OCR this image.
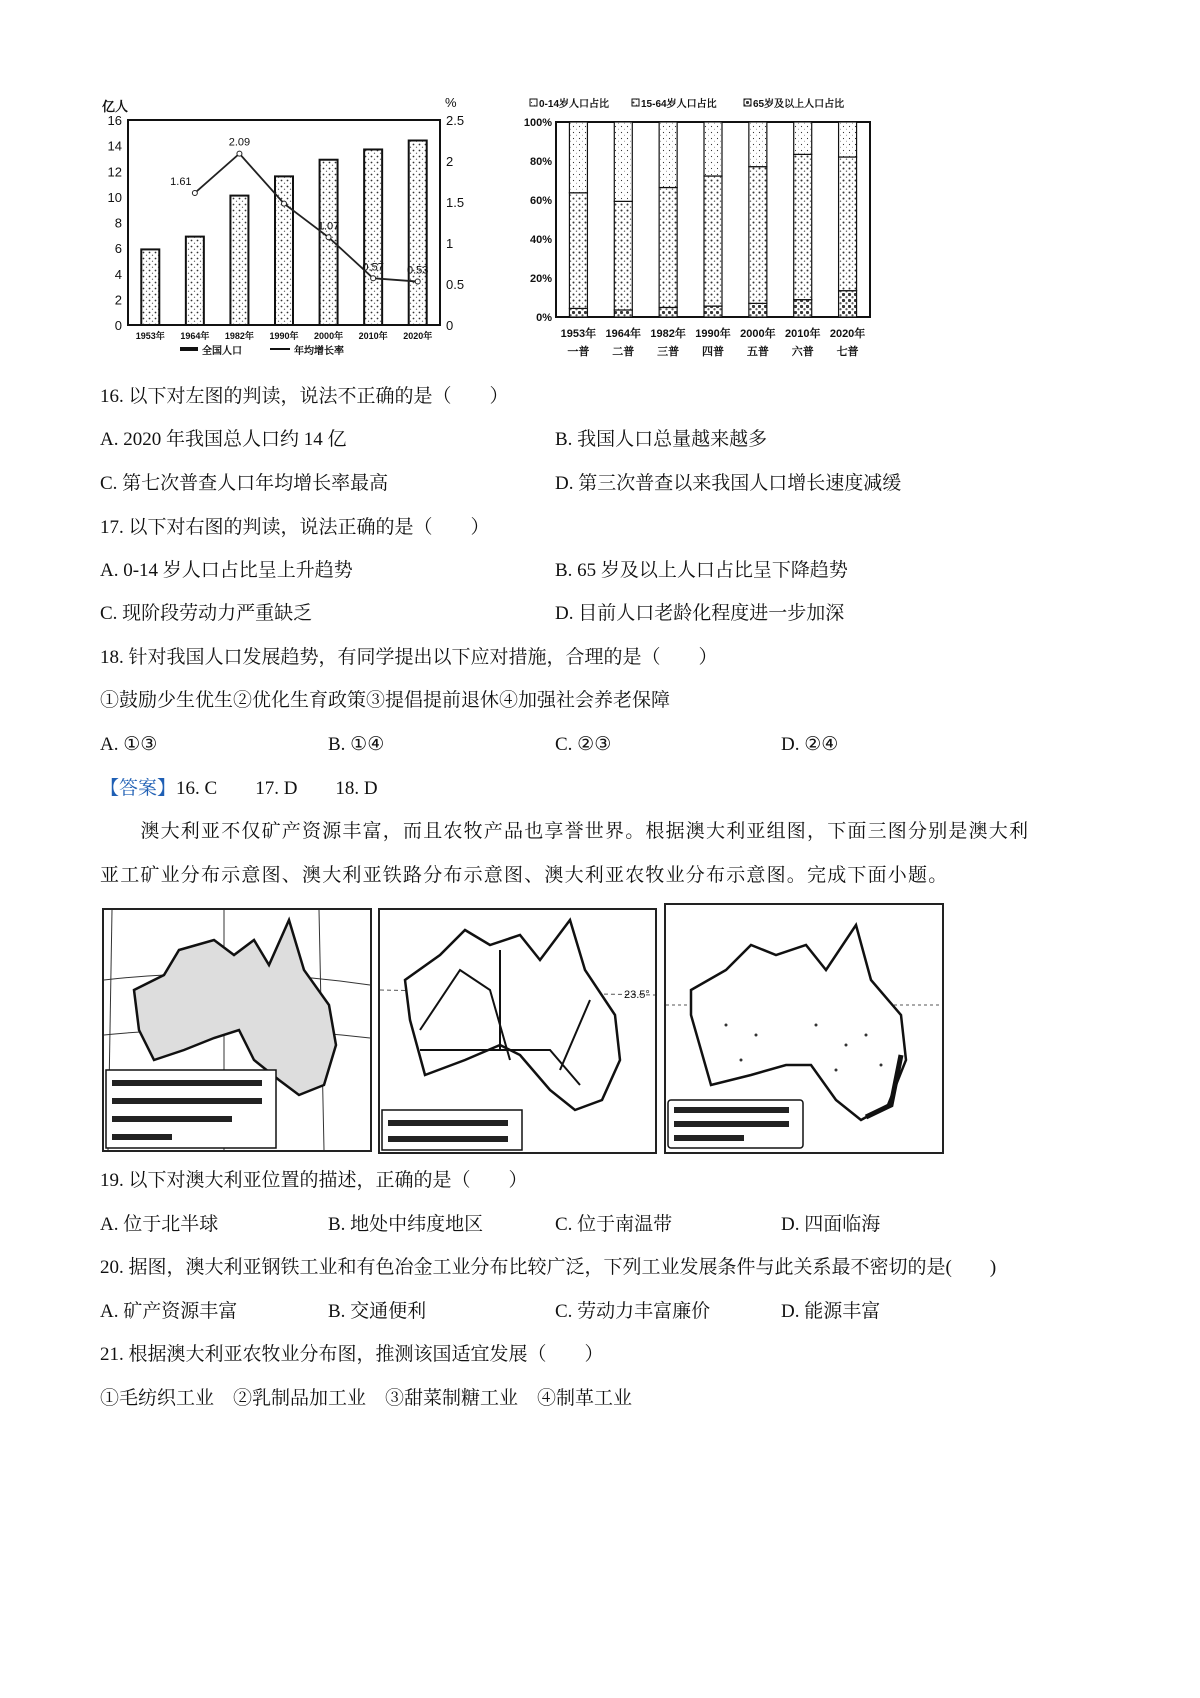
亿人	%
0
2
4
6
8
10
12
14
16
0
0.5
1
1.5
2
2.5
1953年 1964年 1982年 1990年 2000年 2010年 2020年
1.61
2.09
1.07
0.57 0.53
全国人口	年均增长率
0%
20%
40%
60%
80%
100%
0-14岁人口占比	15-64岁人口占比	65岁及以上人口占比
1953年
一普
1964年
二普
1982年
三普
1990年
四普
2000年
五普
2010年
六普
2020年
七普
16. 以下对左图的判读，说法不正确的是（　　）
A. 2020 年我国总人口约 14 亿	B. 我国人口总量越来越多
C. 第七次普查人口年均增长率最高	D. 第三次普查以来我国人口增长速度减缓
17. 以下对右图的判读，说法正确的是（　　）
A. 0-14 岁人口占比呈上升趋势	B. 65 岁及以上人口占比呈下降趋势
C. 现阶段劳动力严重缺乏	D. 目前人口老龄化程度进一步加深
18. 针对我国人口发展趋势，有同学提出以下应对措施，合理的是（　　）
①鼓励少生优生②优化生育政策③提倡提前退休④加强社会养老保障
A. ①③	B. ①④	C. ②③	D. ②④
【答案】16. C　　17. D　　18. D
　　澳大利亚不仅矿产资源丰富，而且农牧产品也享誉世界。根据澳大利亚组图，下面三图分别是澳大利
亚工矿业分布示意图、澳大利亚铁路分布示意图、澳大利亚农牧业分布示意图。完成下面小题。
23.5°
19. 以下对澳大利亚位置的描述，正确的是（　　）
A. 位于北半球	B. 地处中纬度地区	C. 位于南温带	D. 四面临海
20. 据图，澳大利亚钢铁工业和有色冶金工业分布比较广泛，下列工业发展条件与此关系最不密切的是(　　)
A. 矿产资源丰富	B. 交通便利	C. 劳动力丰富廉价	D. 能源丰富
21. 根据澳大利亚农牧业分布图，推测该国适宜发展（　　）
①毛纺织工业　②乳制品加工业　③甜菜制糖工业　④制革工业
